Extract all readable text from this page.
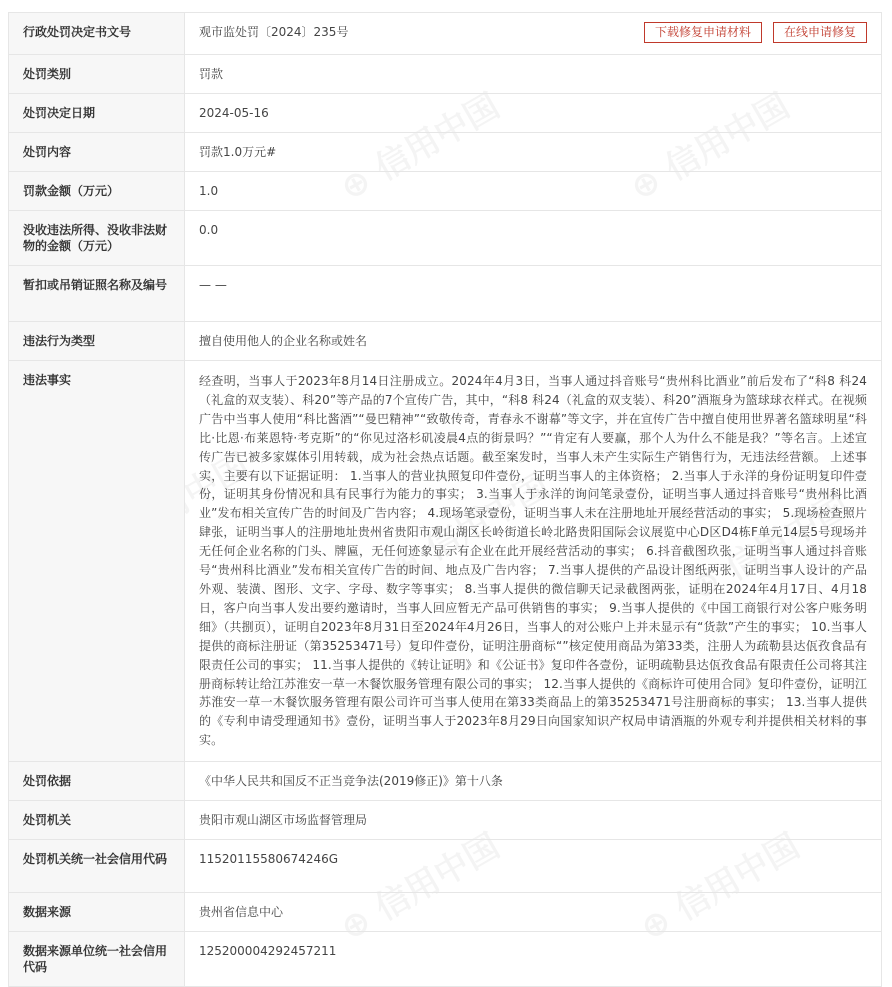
行政处罚决定书文号	观市监处罚〔2024〕235号 下载修复申请材料 在线申请修复

处罚类别	罚款
处罚决定日期	2024-05-16
处罚内容	罚款1.0万元#
罚款金额（万元）	1.0
没收违法所得、没收非法财物的金额（万元）	0.0
暂扣或吊销证照名称及编号	— —
违法行为类型	擅自使用他人的企业名称或姓名
违法事实	经查明，当事人于2023年8月14日注册成立。2024年4月3日，当事人通过抖音账号“贵州科比酒业”前后发布了“科8 科24（礼盒的双支装）、科20”等产品的7个宣传广告，其中，“科8 科24（礼盒的双支装）、科20”酒瓶身为篮球球衣样式。在视频广告中当事人使用“科比酱酒”“曼巴精神”“致敬传奇，青春永不谢幕”等文字，并在宣传广告中擅自使用世界著名篮球明星“科比·比恩·布莱恩特·考克斯”的“你见过洛杉矶凌晨4点的街景吗？”“肯定有人要赢，那个人为什么不能是我？”等名言。上述宣传广告已被多家媒体引用转载，成为社会热点话题。截至案发时，当事人未产生实际生产销售行为，无违法经营额。 上述事实，主要有以下证据证明： 1.当事人的营业执照复印件壹份，证明当事人的主体资格； 2.当事人于永洋的身份证明复印件壹份，证明其身份情况和具有民事行为能力的事实； 3.当事人于永洋的询问笔录壹份，证明当事人通过抖音账号“贵州科比酒业”发布相关宣传广告的时间及广告内容； 4.现场笔录壹份，证明当事人未在注册地址开展经营活动的事实； 5.现场检查照片肆张，证明当事人的注册地址贵州省贵阳市观山湖区长岭街道长岭北路贵阳国际会议展览中心D区D4栋F单元14层5号现场并无任何企业名称的门头、牌匾，无任何迹象显示有企业在此开展经营活动的事实； 6.抖音截图玖张，证明当事人通过抖音账号“贵州科比酒业”发布相关宣传广告的时间、地点及广告内容； 7.当事人提供的产品设计图纸两张，证明当事人设计的产品外观、装潢、图形、文字、字母、数字等事实； 8.当事人提供的微信聊天记录截图两张，证明在2024年4月17日、4月18日，客户向当事人发出要约邀请时，当事人回应暂无产品可供销售的事实； 9.当事人提供的《中国工商银行对公客户账务明细》（共捌页），证明自2023年8月31日至2024年4月26日，当事人的对公账户上并未显示有“货款”产生的事实； 10.当事人提供的商标注册证（第35253471号）复印件壹份，证明注册商标“”核定使用商品为第33类，注册人为疏勒县达佤孜食品有限责任公司的事实； 11.当事人提供的《转让证明》和《公证书》复印件各壹份，证明疏勒县达佤孜食品有限责任公司将其注册商标转让给江苏淮安一草一木餐饮服务管理有限公司的事实； 12.当事人提供的《商标许可使用合同》复印件壹份，证明江苏淮安一草一木餐饮服务管理有限公司许可当事人使用在第33类商品上的第35253471号注册商标的事实； 13.当事人提供的《专利申请受理通知书》壹份，证明当事人于2023年8月29日向国家知识产权局申请酒瓶的外观专利并提供相关材料的事实。
处罚依据	《中华人民共和国反不正当竞争法(2019修正)》第十八条
处罚机关	贵阳市观山湖区市场监督管理局
处罚机关统一社会信用代码	11520115580674246G
数据来源	贵州省信息中心
数据来源单位统一社会信用代码	125200004292457211
